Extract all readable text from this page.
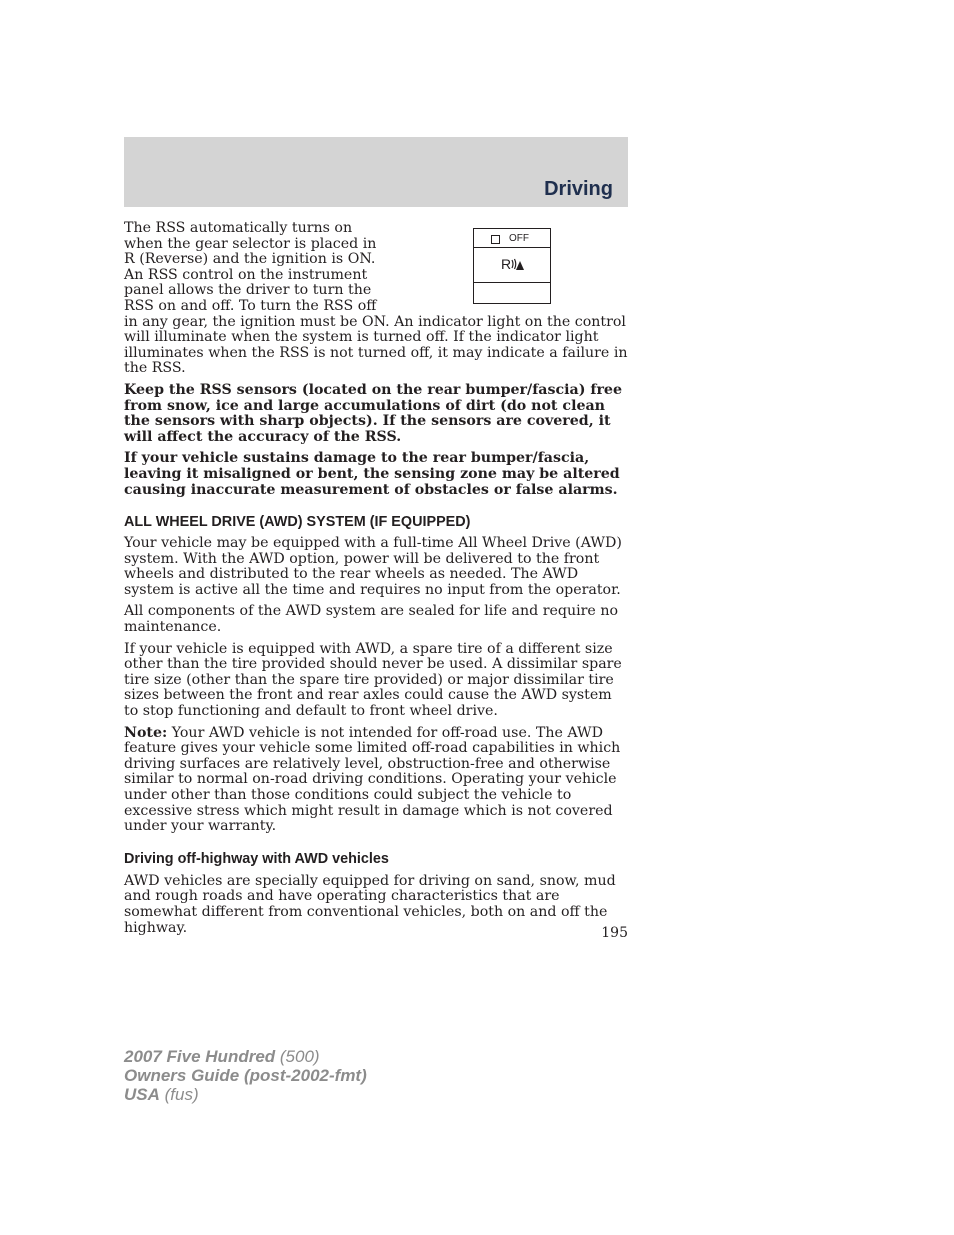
Driving
OFF
R
The RSS automatically turns on
when the gear selector is placed in
R (Reverse) and the ignition is ON.
An RSS control on the instrument
panel allows the driver to turn the
RSS on and off. To turn the RSS off

in any gear, the ignition must be ON. An indicator light on the control will illuminate when the system is turned off. If the indicator light illuminates when the RSS is not turned off, it may indicate a failure in the RSS.

Keep the RSS sensors (located on the rear bumper/fascia) free from snow, ice and large accumulations of dirt (do not clean the sensors with sharp objects). If the sensors are covered, it will affect the accuracy of the RSS.

If your vehicle sustains damage to the rear bumper/fascia, leaving it misaligned or bent, the sensing zone may be altered causing inaccurate measurement of obstacles or false alarms.

ALL WHEEL DRIVE (AWD) SYSTEM (IF EQUIPPED)

Your vehicle may be equipped with a full-time All Wheel Drive (AWD) system. With the AWD option, power will be delivered to the front wheels and distributed to the rear wheels as needed. The AWD system is active all the time and requires no input from the operator.

All components of the AWD system are sealed for life and require no maintenance.

If your vehicle is equipped with AWD, a spare tire of a different size other than the tire provided should never be used. A dissimilar spare tire size (other than the spare tire provided) or major dissimilar tire sizes between the front and rear axles could cause the AWD system to stop functioning and default to front wheel drive.

Note: Your AWD vehicle is not intended for off-road use. The AWD feature gives your vehicle some limited off-road capabilities in which driving surfaces are relatively level, obstruction-free and otherwise similar to normal on-road driving conditions. Operating your vehicle under other than those conditions could subject the vehicle to excessive stress which might result in damage which is not covered under your warranty.

Driving off-highway with AWD vehicles

AWD vehicles are specially equipped for driving on sand, snow, mud and rough roads and have operating characteristics that are somewhat different from conventional vehicles, both on and off the highway.	195
2007 Five Hundred (500)
Owners Guide (post-2002-fmt)
USA (fus)
